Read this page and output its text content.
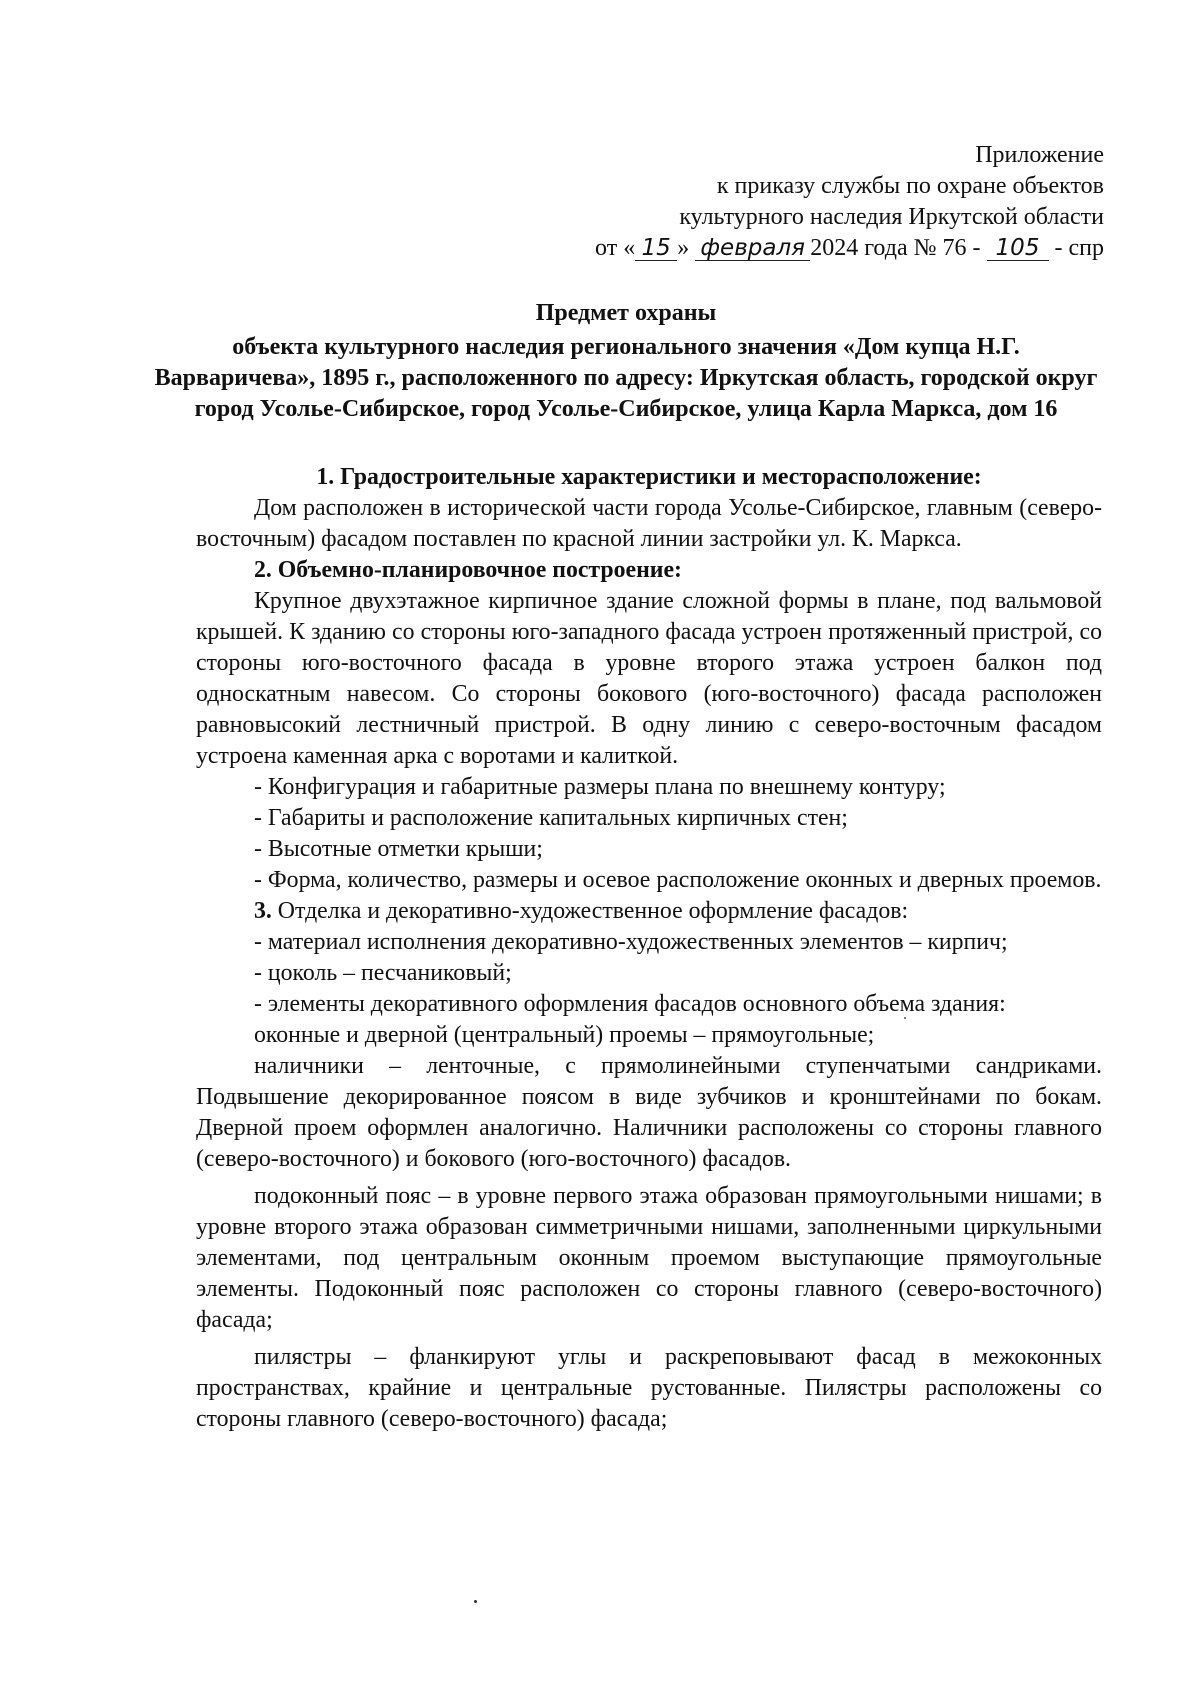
Приложение
к приказу службы по охране объектов
культурного наследия Иркутской области
от « 15 » февраля 2024 года № 76 - 105 - спр
Предмет охраны
объекта культурного наследия регионального значения «Дом купца Н.Г. Варваричева», 1895 г., расположенного по адресу: Иркутская область, городской округ город Усолье-Сибирское, город Усолье-Сибирское, улица Карла Маркса, дом 16

1. Градостроительные характеристики и месторасположение:

Дом расположен в исторической части города Усолье-Сибирское, главным (северо-восточным) фасадом поставлен по красной линии застройки ул. К. Маркса.

2. Объемно-планировочное построение:

Крупное двухэтажное кирпичное здание сложной формы в плане, под вальмовой крышей. К зданию со стороны юго-западного фасада устроен протяженный пристрой, со стороны юго-восточного фасада в уровне второго этажа устроен балкон под односкатным навесом. Со стороны бокового (юго-восточного) фасада расположен равновысокий лестничный пристрой. В одну линию с северо-восточным фасадом устроена каменная арка с воротами и калиткой.

- Конфигурация и габаритные размеры плана по внешнему контуру;

- Габариты и расположение капитальных кирпичных стен;

- Высотные отметки крыши;

- Форма, количество, размеры и осевое расположение оконных и дверных проемов.

3. Отделка и декоративно-художественное оформление фасадов:

- материал исполнения декоративно-художественных элементов – кирпич;

- цоколь – песчаниковый;

- элементы декоративного оформления фасадов основного объема здания:

оконные и дверной (центральный) проемы – прямоугольные;

наличники – ленточные, с прямолинейными ступенчатыми сандриками. Подвышение декорированное поясом в виде зубчиков и кронштейнами по бокам. Дверной проем оформлен аналогично. Наличники расположены со стороны главного (северо-восточного) и бокового (юго-восточного) фасадов.

подоконный пояс – в уровне первого этажа образован прямоугольными нишами; в уровне второго этажа образован симметричными нишами, заполненными циркульными элементами, под центральным оконным проемом выступающие прямоугольные элементы. Подоконный пояс расположен со стороны главного (северо-восточного) фасада;

пилястры – фланкируют углы и раскреповывают фасад в межоконных пространствах, крайние и центральные рустованные. Пилястры расположены со стороны главного (северо-восточного) фасада;
